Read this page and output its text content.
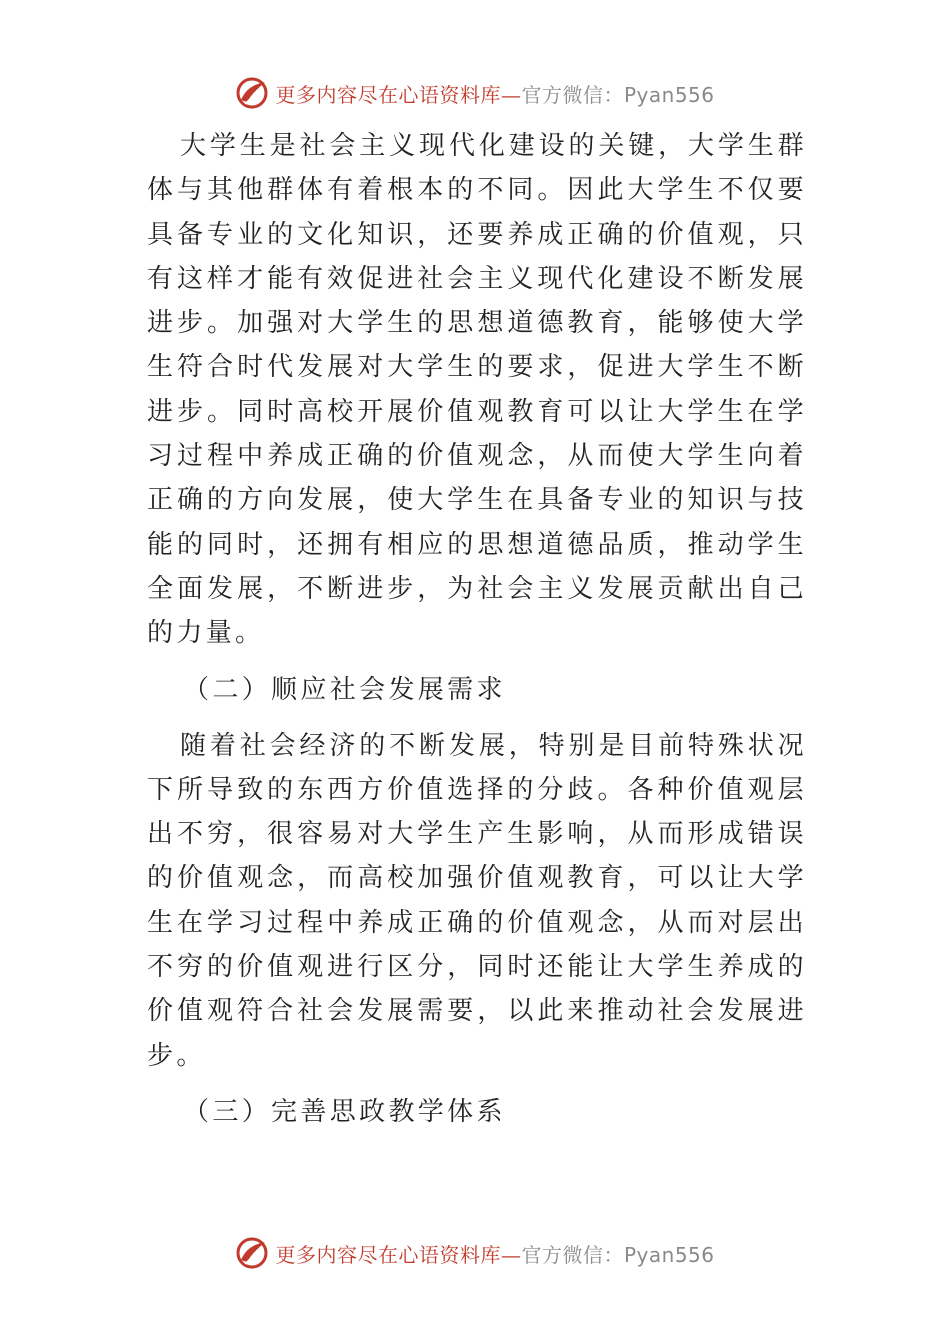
更多内容尽在心语资料库—官方微信：Pyan556

大学生是社会主义现代化建设的关键，大学生群体与其他群体有着根本的不同。因此大学生不仅要具备专业的文化知识，还要养成正确的价值观，只有这样才能有效促进社会主义现代化建设不断发展进步。加强对大学生的思想道德教育，能够使大学生符合时代发展对大学生的要求，促进大学生不断进步。同时高校开展价值观教育可以让大学生在学习过程中养成正确的价值观念，从而使大学生向着正确的方向发展，使大学生在具备专业的知识与技能的同时，还拥有相应的思想道德品质，推动学生全面发展，不断进步，为社会主义发展贡献出自己的力量。

（二）顺应社会发展需求

随着社会经济的不断发展，特别是目前特殊状况下所导致的东西方价值选择的分歧。各种价值观层出不穷，很容易对大学生产生影响，从而形成错误的价值观念，而高校加强价值观教育，可以让大学生在学习过程中养成正确的价值观念，从而对层出不穷的价值观进行区分，同时还能让大学生养成的价值观符合社会发展需要，以此来推动社会发展进步。

（三）完善思政教学体系

更多内容尽在心语资料库—官方微信：Pyan556
